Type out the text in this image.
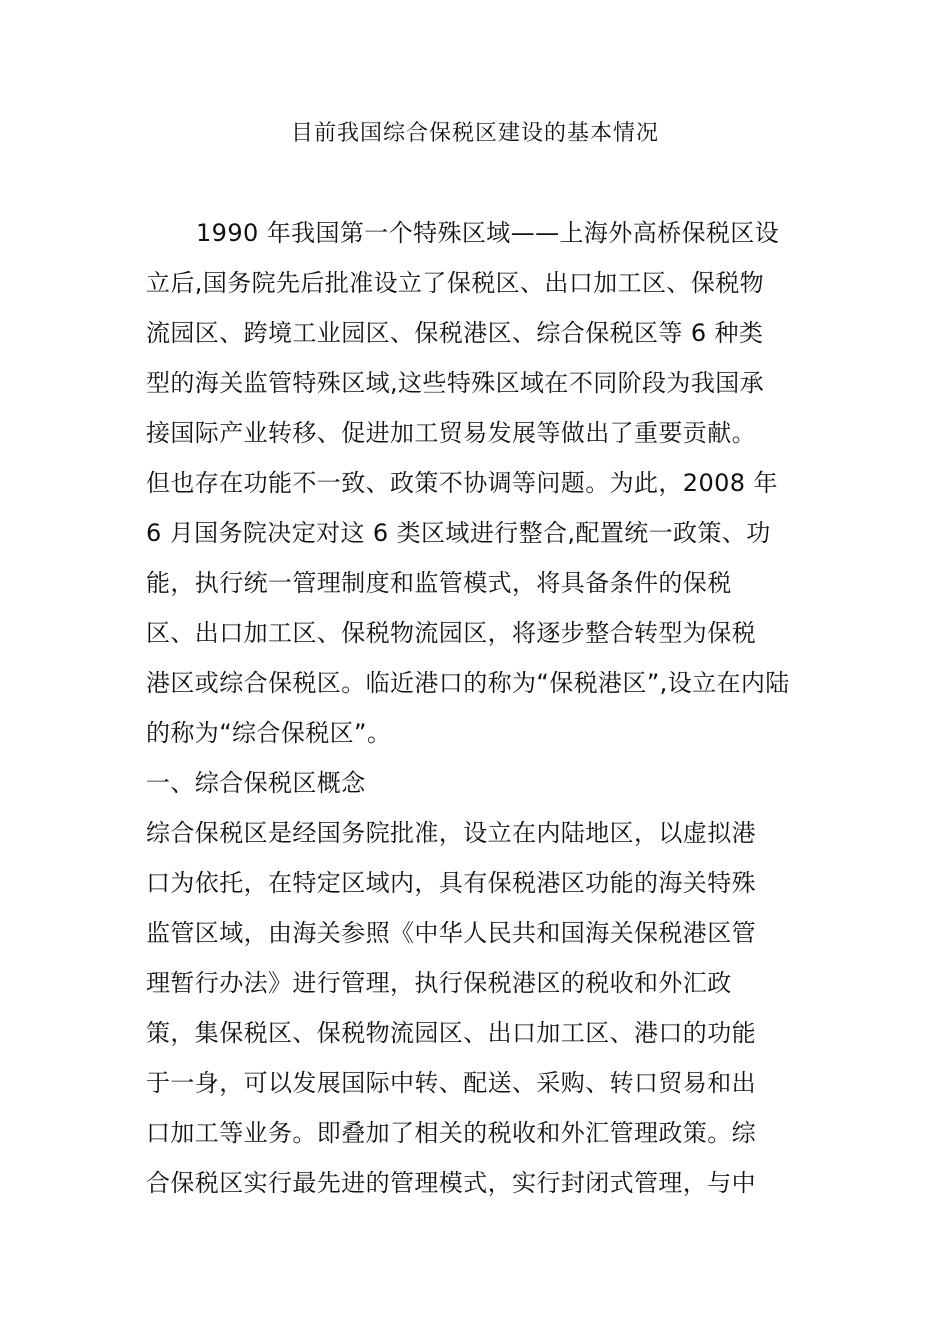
目前我国综合保税区建设的基本情况
1990 年我国第一个特殊区域——上海外高桥保税区设
立后,国务院先后批准设立了保税区、出口加工区、保税物
流园区、跨境工业园区、保税港区、综合保税区等 6 种类
型的海关监管特殊区域,这些特殊区域在不同阶段为我国承
接国际产业转移、促进加工贸易发展等做出了重要贡献。
但也存在功能不一致、政策不协调等问题。为此，2008 年
6 月国务院决定对这 6 类区域进行整合,配置统一政策、功
能，执行统一管理制度和监管模式，将具备条件的保税
区、出口加工区、保税物流园区，将逐步整合转型为保税
港区或综合保税区。临近港口的称为“保税港区”,设立在内陆
的称为“综合保税区”。
一、综合保税区概念
综合保税区是经国务院批准，设立在内陆地区，以虚拟港
口为依托，在特定区域内，具有保税港区功能的海关特殊
监管区域，由海关参照《中华人民共和国海关保税港区管
理暂行办法》进行管理，执行保税港区的税收和外汇政
策，集保税区、保税物流园区、出口加工区、港口的功能
于一身，可以发展国际中转、配送、采购、转口贸易和出
口加工等业务。即叠加了相关的税收和外汇管理政策。综
合保税区实行最先进的管理模式，实行封闭式管理，与中
